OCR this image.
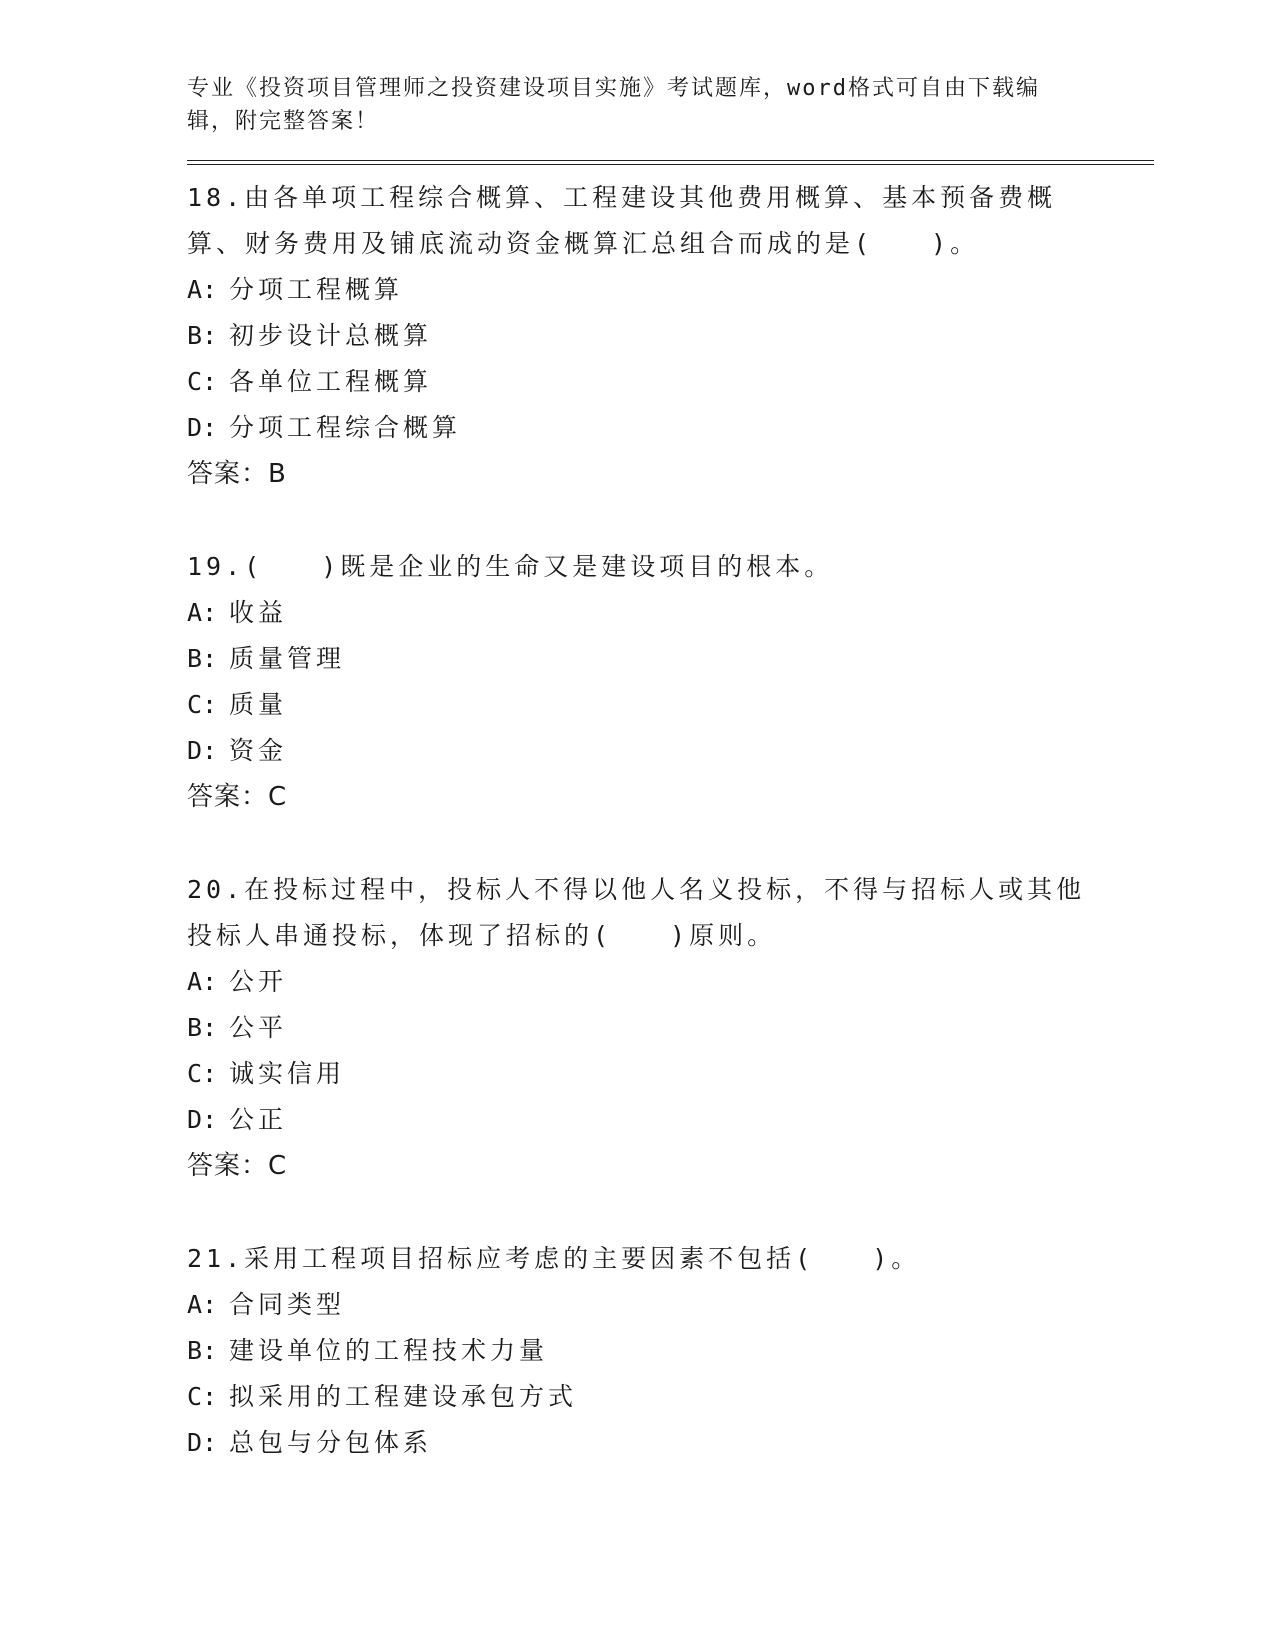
专业《投资项目管理师之投资建设项目实施》考试题库，word格式可自由下载编辑，附完整答案！

18.由各单项工程综合概算、工程建设其他费用概算、基本预备费概算、财务费用及铺底流动资金概算汇总组合而成的是(　　)。

A: 分项工程概算
B: 初步设计总概算
C: 各单位工程概算
D: 分项工程综合概算
答案：B

19.(　　)既是企业的生命又是建设项目的根本。

A: 收益
B: 质量管理
C: 质量
D: 资金
答案：C

20.在投标过程中，投标人不得以他人名义投标，不得与招标人或其他投标人串通投标，体现了招标的(　　)原则。

A: 公开
B: 公平
C: 诚实信用
D: 公正
答案：C

21.采用工程项目招标应考虑的主要因素不包括(　　)。

A: 合同类型
B: 建设单位的工程技术力量
C: 拟采用的工程建设承包方式
D: 总包与分包体系
